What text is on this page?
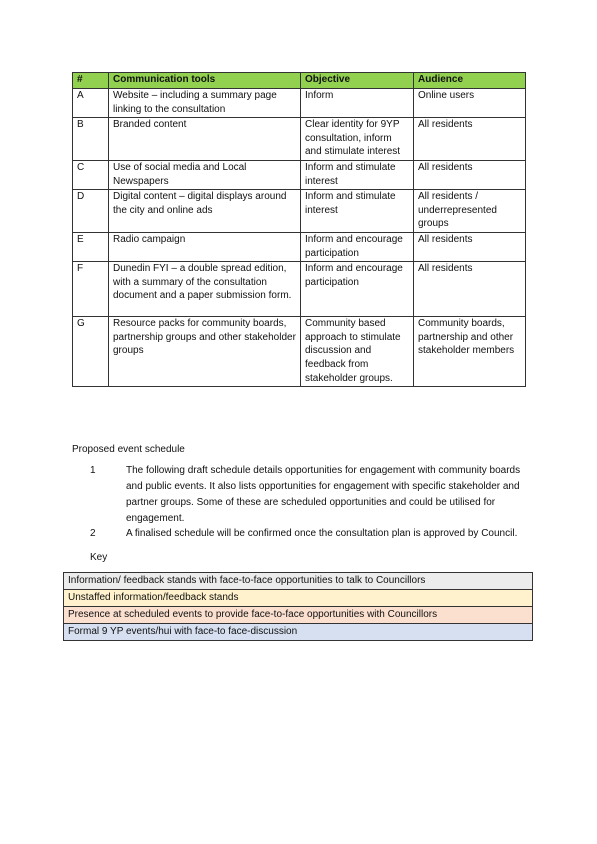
#	Communication tools	Objective	Audience
A	Website – including a summary page linking to the consultation	Inform	Online users
B	Branded content	Clear identity for 9YP consultation, inform and stimulate interest	All residents
C	Use of social media and Local Newspapers	Inform and stimulate interest	All residents
D	Digital content – digital displays around the city and online ads	Inform and stimulate interest	All residents / underrepresented groups
E	Radio campaign	Inform and encourage participation	All residents
F	Dunedin FYI – a double spread edition, with a summary of the consultation document and a paper submission form.	Inform and encourage participation	All residents
G	Resource packs for community boards, partnership groups and other stakeholder groups	Community based approach to stimulate discussion and feedback from stakeholder groups.	Community boards, partnership and other stakeholder members
Proposed event schedule
1	The following draft schedule details opportunities for engagement with community boards and public events. It also lists opportunities for engagement with specific stakeholder and partner groups. Some of these are scheduled opportunities and could be utilised for engagement.
2	A finalised schedule will be confirmed once the consultation plan is approved by Council.
Key
Information/ feedback stands with face-to-face opportunities to talk to Councillors
Unstaffed information/feedback stands
Presence at scheduled events to provide face-to-face opportunities with Councillors
Formal 9 YP events/hui with face-to face-discussion
